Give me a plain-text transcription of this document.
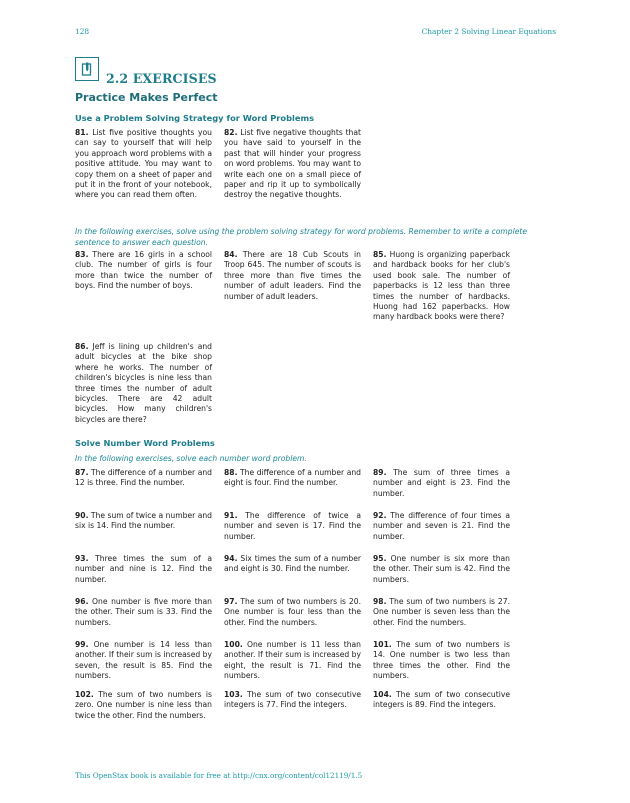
128	Chapter 2 Solving Linear Equations
2.2 EXERCISES
Practice Makes Perfect
Use a Problem Solving Strategy for Word Problems
81. List five positive thoughts you can say to yourself that will help you approach word problems with a positive attitude. You may want to copy them on a sheet of paper and put it in the front of your notebook, where you can read them often.
82. List five negative thoughts that you have said to yourself in the past that will hinder your progress on word problems. You may want to write each one on a small piece of paper and rip it up to symbolically destroy the negative thoughts.
In the following exercises, solve using the problem solving strategy for word problems. Remember to write a complete sentence to answer each question.
83. There are 16 girls in a school club. The number of girls is four more than twice the number of boys. Find the number of boys.
84. There are 18 Cub Scouts in Troop 645. The number of scouts is three more than five times the number of adult leaders. Find the number of adult leaders.
85. Huong is organizing paperback and hardback books for her club's used book sale. The number of paperbacks is 12 less than three times the number of hardbacks. Huong had 162 paperbacks. How many hardback books were there?
86. Jeff is lining up children's and adult bicycles at the bike shop where he works. The number of children's bicycles is nine less than three times the number of adult bicycles. There are 42 adult bicycles. How many children's bicycles are there?
Solve Number Word Problems
In the following exercises, solve each number word problem.
87. The difference of a number and 12 is three. Find the number.
88. The difference of a number and eight is four. Find the number.
89. The sum of three times a number and eight is 23. Find the number.
90. The sum of twice a number and six is 14. Find the number.
91. The difference of twice a number and seven is 17. Find the number.
92. The difference of four times a number and seven is 21. Find the number.
93. Three times the sum of a number and nine is 12. Find the number.
94. Six times the sum of a number and eight is 30. Find the number.
95. One number is six more than the other. Their sum is 42. Find the numbers.
96. One number is five more than the other. Their sum is 33. Find the numbers.
97. The sum of two numbers is 20. One number is four less than the other. Find the numbers.
98. The sum of two numbers is 27. One number is seven less than the other. Find the numbers.
99. One number is 14 less than another. If their sum is increased by seven, the result is 85. Find the numbers.
100. One number is 11 less than another. If their sum is increased by eight, the result is 71. Find the numbers.
101. The sum of two numbers is 14. One number is two less than three times the other. Find the numbers.
102. The sum of two numbers is zero. One number is nine less than twice the other. Find the numbers.
103. The sum of two consecutive integers is 77. Find the integers.
104. The sum of two consecutive integers is 89. Find the integers.
This OpenStax book is available for free at http://cnx.org/content/col12119/1.5
